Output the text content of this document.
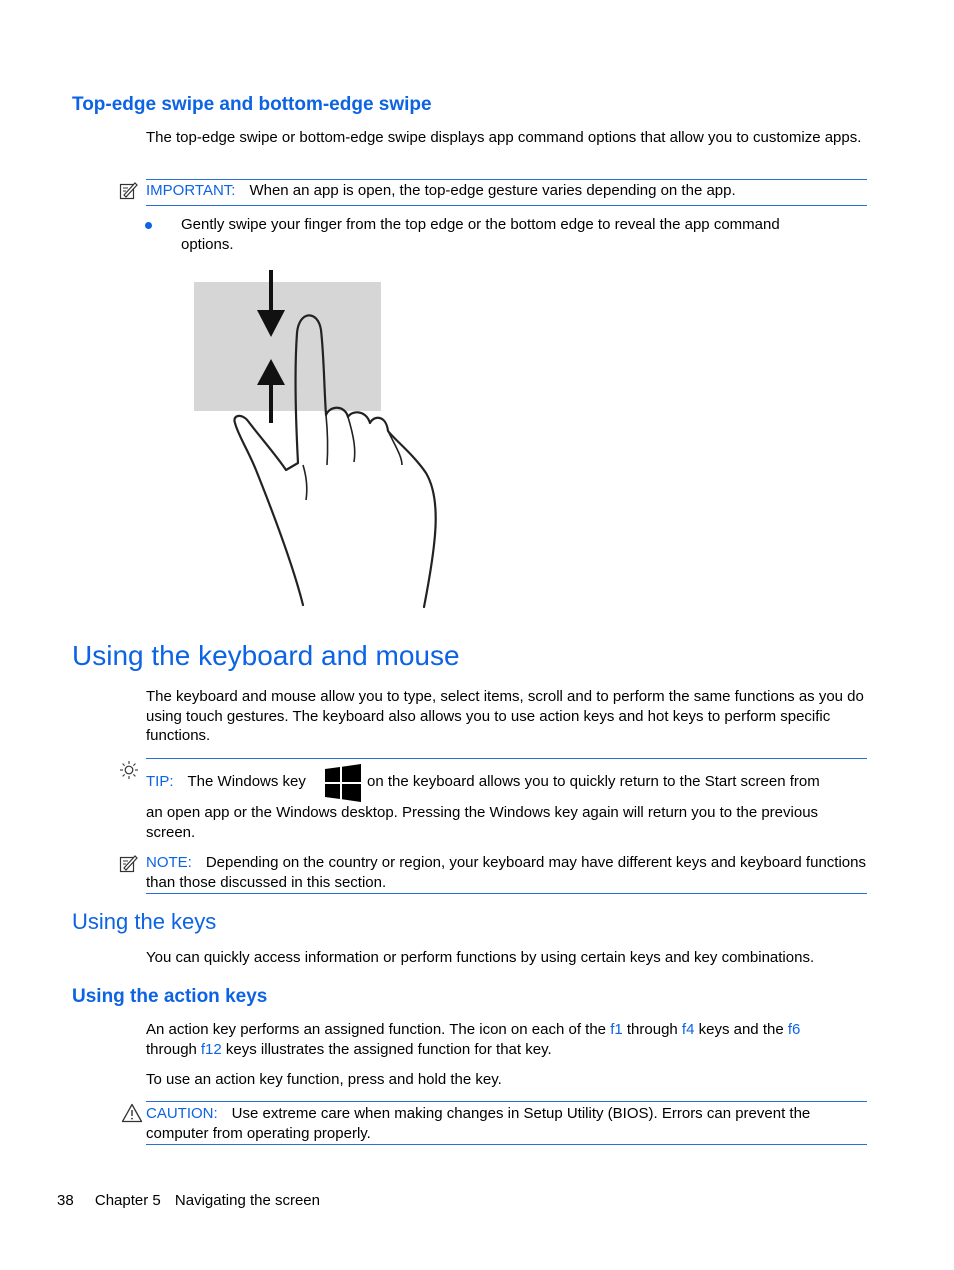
Top-edge swipe and bottom-edge swipe
The top-edge swipe or bottom-edge swipe displays app command options that allow you to customize apps.
IMPORTANT: When an app is open, the top-edge gesture varies depending on the app.
Gently swipe your finger from the top edge or the bottom edge to reveal the app command options.
Using the keyboard and mouse
The keyboard and mouse allow you to type, select items, scroll and to perform the same functions as you do using touch gestures. The keyboard also allows you to use action keys and hot keys to perform specific functions.
TIP: The Windows key	on the keyboard allows you to quickly return to the Start screen from
an open app or the Windows desktop. Pressing the Windows key again will return you to the previous screen.
NOTE: Depending on the country or region, your keyboard may have different keys and keyboard functions than those discussed in this section.
Using the keys
You can quickly access information or perform functions by using certain keys and key combinations.
Using the action keys
An action key performs an assigned function. The icon on each of the f1 through f4 keys and the f6 through f12 keys illustrates the assigned function for that key.
To use an action key function, press and hold the key.
CAUTION: Use extreme care when making changes in Setup Utility (BIOS). Errors can prevent the computer from operating properly.
38 Chapter 5 Navigating the screen
